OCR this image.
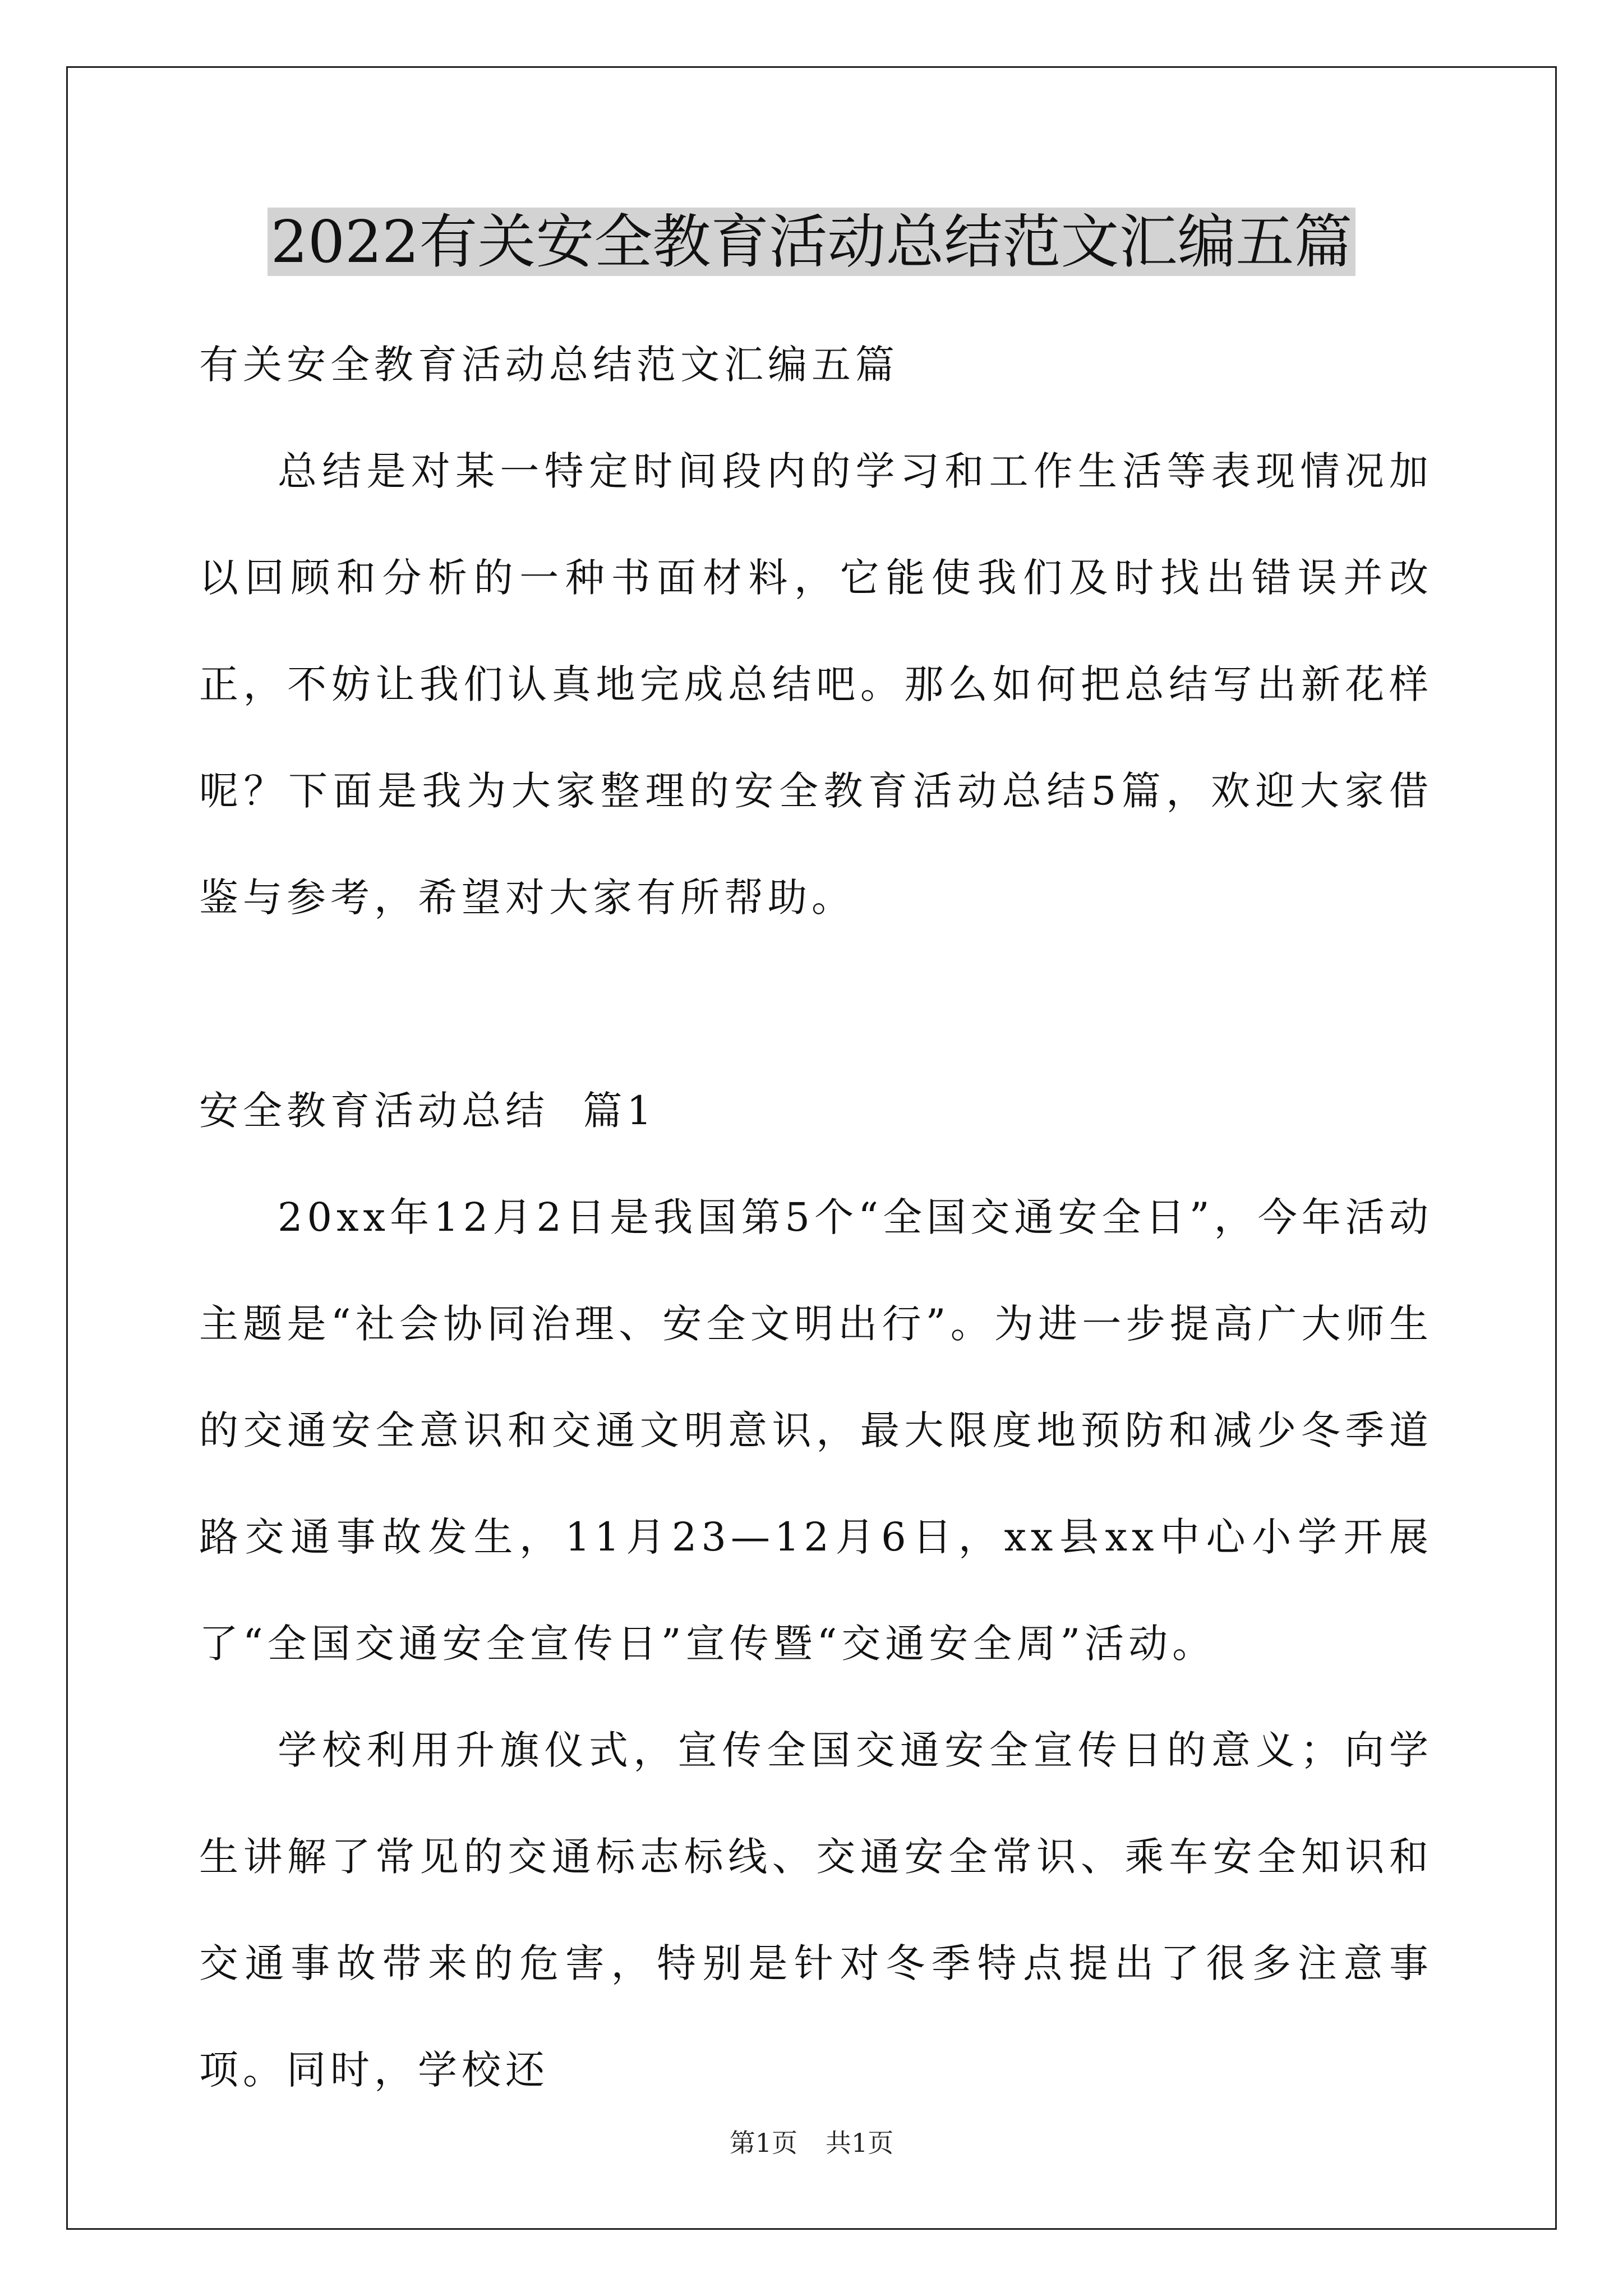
2022有关安全教育活动总结范文汇编五篇

有关安全教育活动总结范文汇编五篇

总结是对某一特定时间段内的学习和工作生活等表现情况加以回顾和分析的一种书面材料，它能使我们及时找出错误并改正，不妨让我们认真地完成总结吧。那么如何把总结写出新花样呢？下面是我为大家整理的安全教育活动总结5篇，欢迎大家借鉴与参考，希望对大家有所帮助。

安全教育活动总结  篇1

20xx年12月2日是我国第5个“全国交通安全日”，今年活动主题是“社会协同治理、安全文明出行”。为进一步提高广大师生的交通安全意识和交通文明意识，最大限度地预防和减少冬季道路交通事故发生，11月23—12月6日，xx县xx中心小学开展了“全国交通安全宣传日”宣传暨“交通安全周”活动。

学校利用升旗仪式，宣传全国交通安全宣传日的意义；向学生讲解了常见的交通标志标线、交通安全常识、乘车安全知识和交通事故带来的危害，特别是针对冬季特点提出了很多注意事项。同时，学校还

第1页 共1页
